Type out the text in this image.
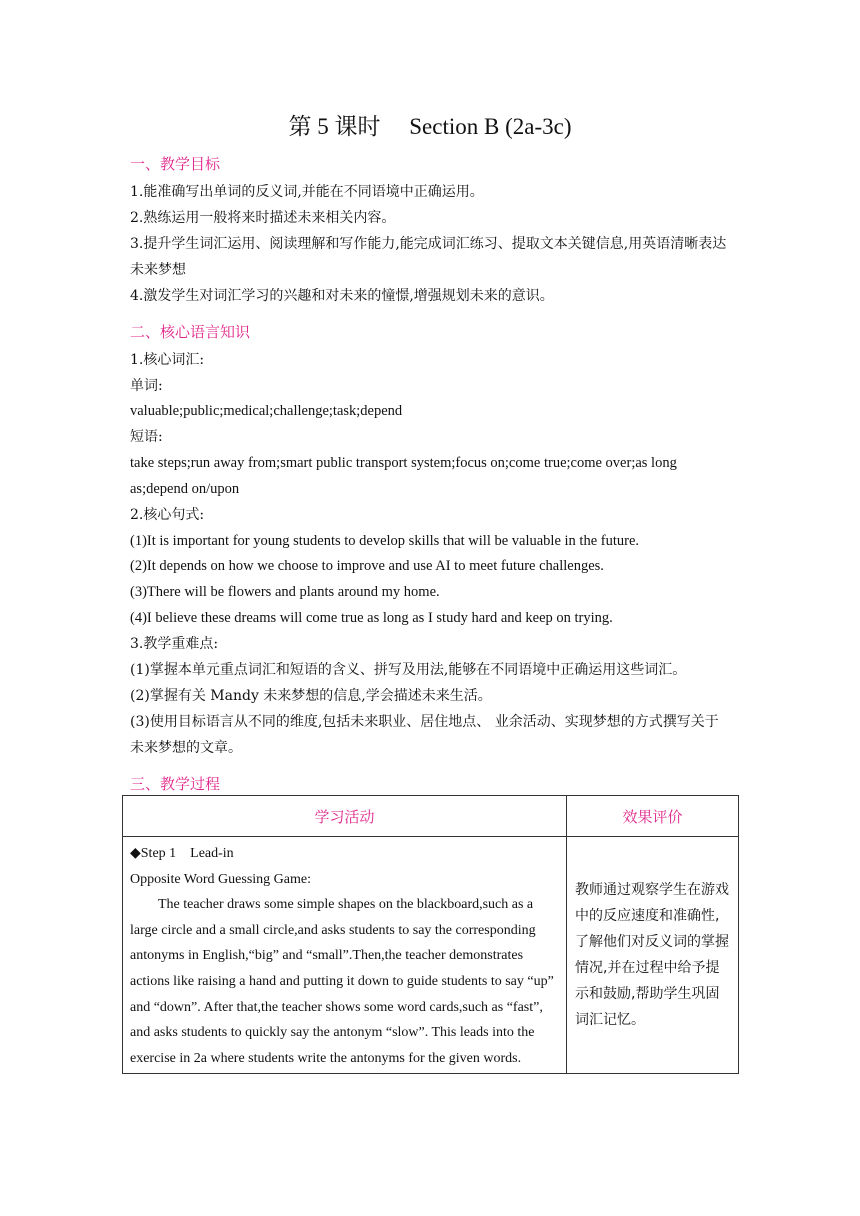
第 5 课时　 Section B (2a-3c)
一、教学目标
1.能准确写出单词的反义词,并能在不同语境中正确运用。
2.熟练运用一般将来时描述未来相关内容。
3.提升学生词汇运用、阅读理解和写作能力,能完成词汇练习、提取文本关键信息,用英语清晰表达未来梦想
4.激发学生对词汇学习的兴趣和对未来的憧憬,增强规划未来的意识。
二、核心语言知识
1.核心词汇:
单词:
valuable;public;medical;challenge;task;depend
短语:
take steps;run away from;smart public transport system;focus on;come true;come over;as long
as;depend on/upon
2.核心句式:
(1)It is important for young students to develop skills that will be valuable in the future.
(2)It depends on how we choose to improve and use AI to meet future challenges.
(3)There will be flowers and plants around my home.
(4)I believe these dreams will come true as long as I study hard and keep on trying.
3.教学重难点:
(1)掌握本单元重点词汇和短语的含义、拼写及用法,能够在不同语境中正确运用这些词汇。
(2)掌握有关 Mandy 未来梦想的信息,学会描述未来生活。
(3)使用目标语言从不同的维度,包括未来职业、居住地点、 业余活动、实现梦想的方式撰写关于未来梦想的文章。
三、教学过程
学习活动	效果评价

◆Step 1　Lead-in

Opposite Word Guessing Game:

The teacher draws some simple shapes on the blackboard,such as a large circle and a small circle,and asks students to say the corresponding antonyms in English,“big” and “small”.Then,the teacher demonstrates actions like raising a hand and putting it down to guide students to say “up” and “down”. After that,the teacher shows some word cards,such as “fast”, and asks students to quickly say the antonym “slow”. This leads into the exercise in 2a where students write the antonyms for the given words.	教师通过观察学生在游戏中的反应速度和准确性,了解他们对反义词的掌握情况,并在过程中给予提示和鼓励,帮助学生巩固词汇记忆。
